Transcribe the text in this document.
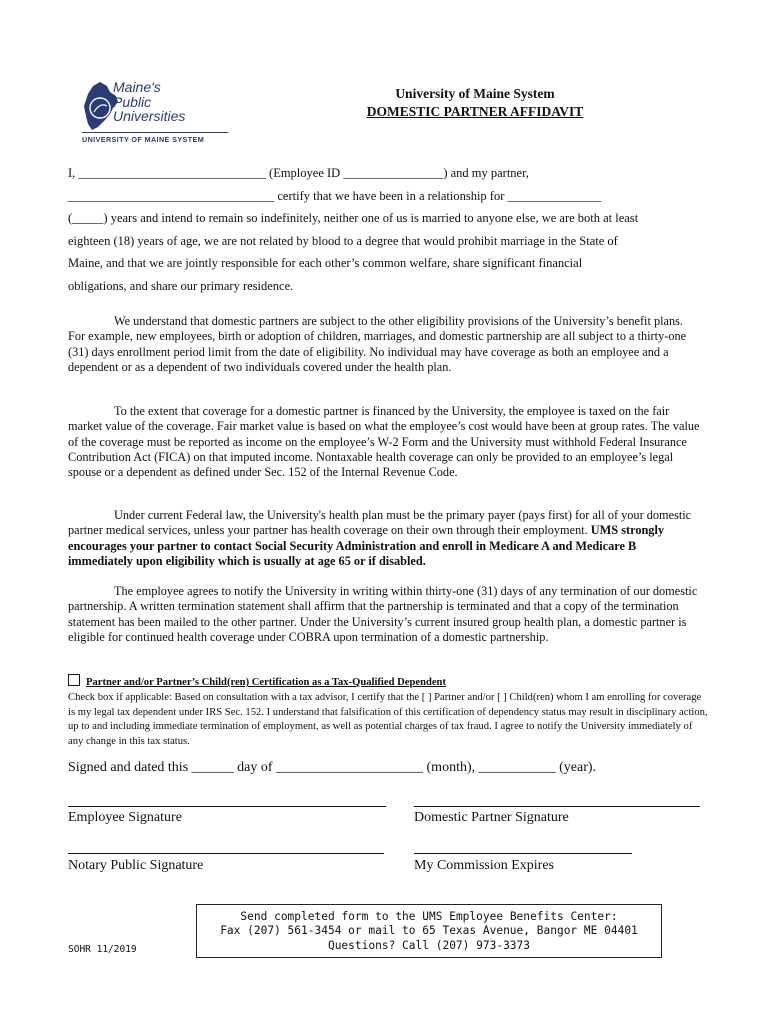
Maine's
Public
Universities
UNIVERSITY OF MAINE SYSTEM
University of Maine System
DOMESTIC PARTNER AFFIDAVIT

I, ______________________________ (Employee ID ________________) and my partner,

_________________________________ certify that we have been in a relationship for _______________

(_____) years and intend to remain so indefinitely, neither one of us is married to anyone else, we are both at least

eighteen (18) years of age, we are not related by blood to a degree that would prohibit marriage in the State of

Maine, and that we are jointly responsible for each other’s common welfare, share significant financial

obligations, and share our primary residence.

We understand that domestic partners are subject to the other eligibility provisions of the University’s benefit plans. For example, new employees, birth or adoption of children, marriages, and domestic partnership are all subject to a thirty-one (31) days enrollment period limit from the date of eligibility. No individual may have coverage as both an employee and a dependent or as a dependent of two individuals covered under the health plan.

To the extent that coverage for a domestic partner is financed by the University, the employee is taxed on the fair market value of the coverage. Fair market value is based on what the employee’s cost would have been at group rates. The value of the coverage must be reported as income on the employee’s W-2 Form and the University must withhold Federal Insurance Contribution Act (FICA) on that imputed income. Nontaxable health coverage can only be provided to an employee’s legal spouse or a dependent as defined under Sec. 152 of the Internal Revenue Code.

Under current Federal law, the University's health plan must be the primary payer (pays first) for all of your domestic partner medical services, unless your partner has health coverage on their own through their employment. UMS strongly encourages your partner to contact Social Security Administration and enroll in Medicare A and Medicare B immediately upon eligibility which is usually at age 65 or if disabled.

The employee agrees to notify the University in writing within thirty-one (31) days of any termination of our domestic partnership. A written termination statement shall affirm that the partnership is terminated and that a copy of the termination statement has been mailed to the other partner. Under the University’s current insured group health plan, a domestic partner is eligible for continued health coverage under COBRA upon termination of a domestic partnership.

Partner and/or Partner’s Child(ren) Certification as a Tax-Qualified Dependent
Check box if applicable: Based on consultation with a tax advisor, I certify that the [ ] Partner and/or [ ] Child(ren) whom I am enrolling for coverage is my legal tax dependent under IRS Sec. 152. I understand that falsification of this certification of dependency status may result in disciplinary action, up to and including immediate termination of employment, as well as potential charges of tax fraud. I agree to notify the University immediately of any change in this tax status.
Signed and dated this ______ day of _____________________ (month), ___________ (year).
Employee Signature	Domestic Partner Signature
Notary Public Signature	My Commission Expires
Send completed form to the UMS Employee Benefits Center:
Fax (207) 561-3454 or mail to 65 Texas Avenue, Bangor ME 04401
Questions? Call (207) 973-3373
SOHR 11/2019
